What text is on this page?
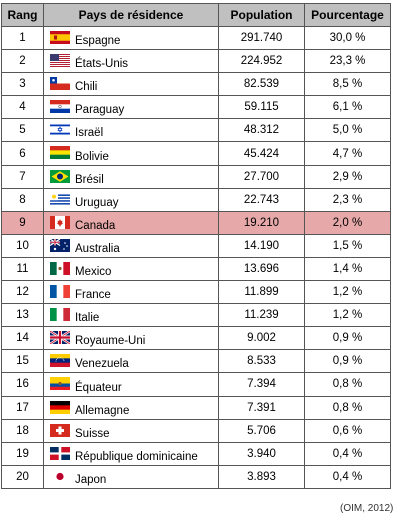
Rang	Pays de résidence	Population	Pourcentage
1	Espagne	291.740	30,0 %
2	États-Unis	224.952	23,3 %
3	Chili	82.539	8,5 %
4	Paraguay	59.115	6,1 %
5	Israël	48.312	5,0 %
6	Bolivie	45.424	4,7 %
7	Brésil	27.700	2,9 %
8	Uruguay	22.743	2,3 %
9	Canada	19.210	2,0 %
10	Australia	14.190	1,5 %
11	Mexico	13.696	1,4 %
12	France	11.899	1,2 %
13	Italie	11.239	1,2 %
14	Royaume-Uni	9.002	0,9 %
15	Venezuela	8.533	0,9 %
16	Équateur	7.394	0,8 %
17	Allemagne	7.391	0,8 %
18	Suisse	5.706	0,6 %
19	République dominicaine	3.940	0,4 %
20	Japon	3.893	0,4 %
(OIM, 2012)
